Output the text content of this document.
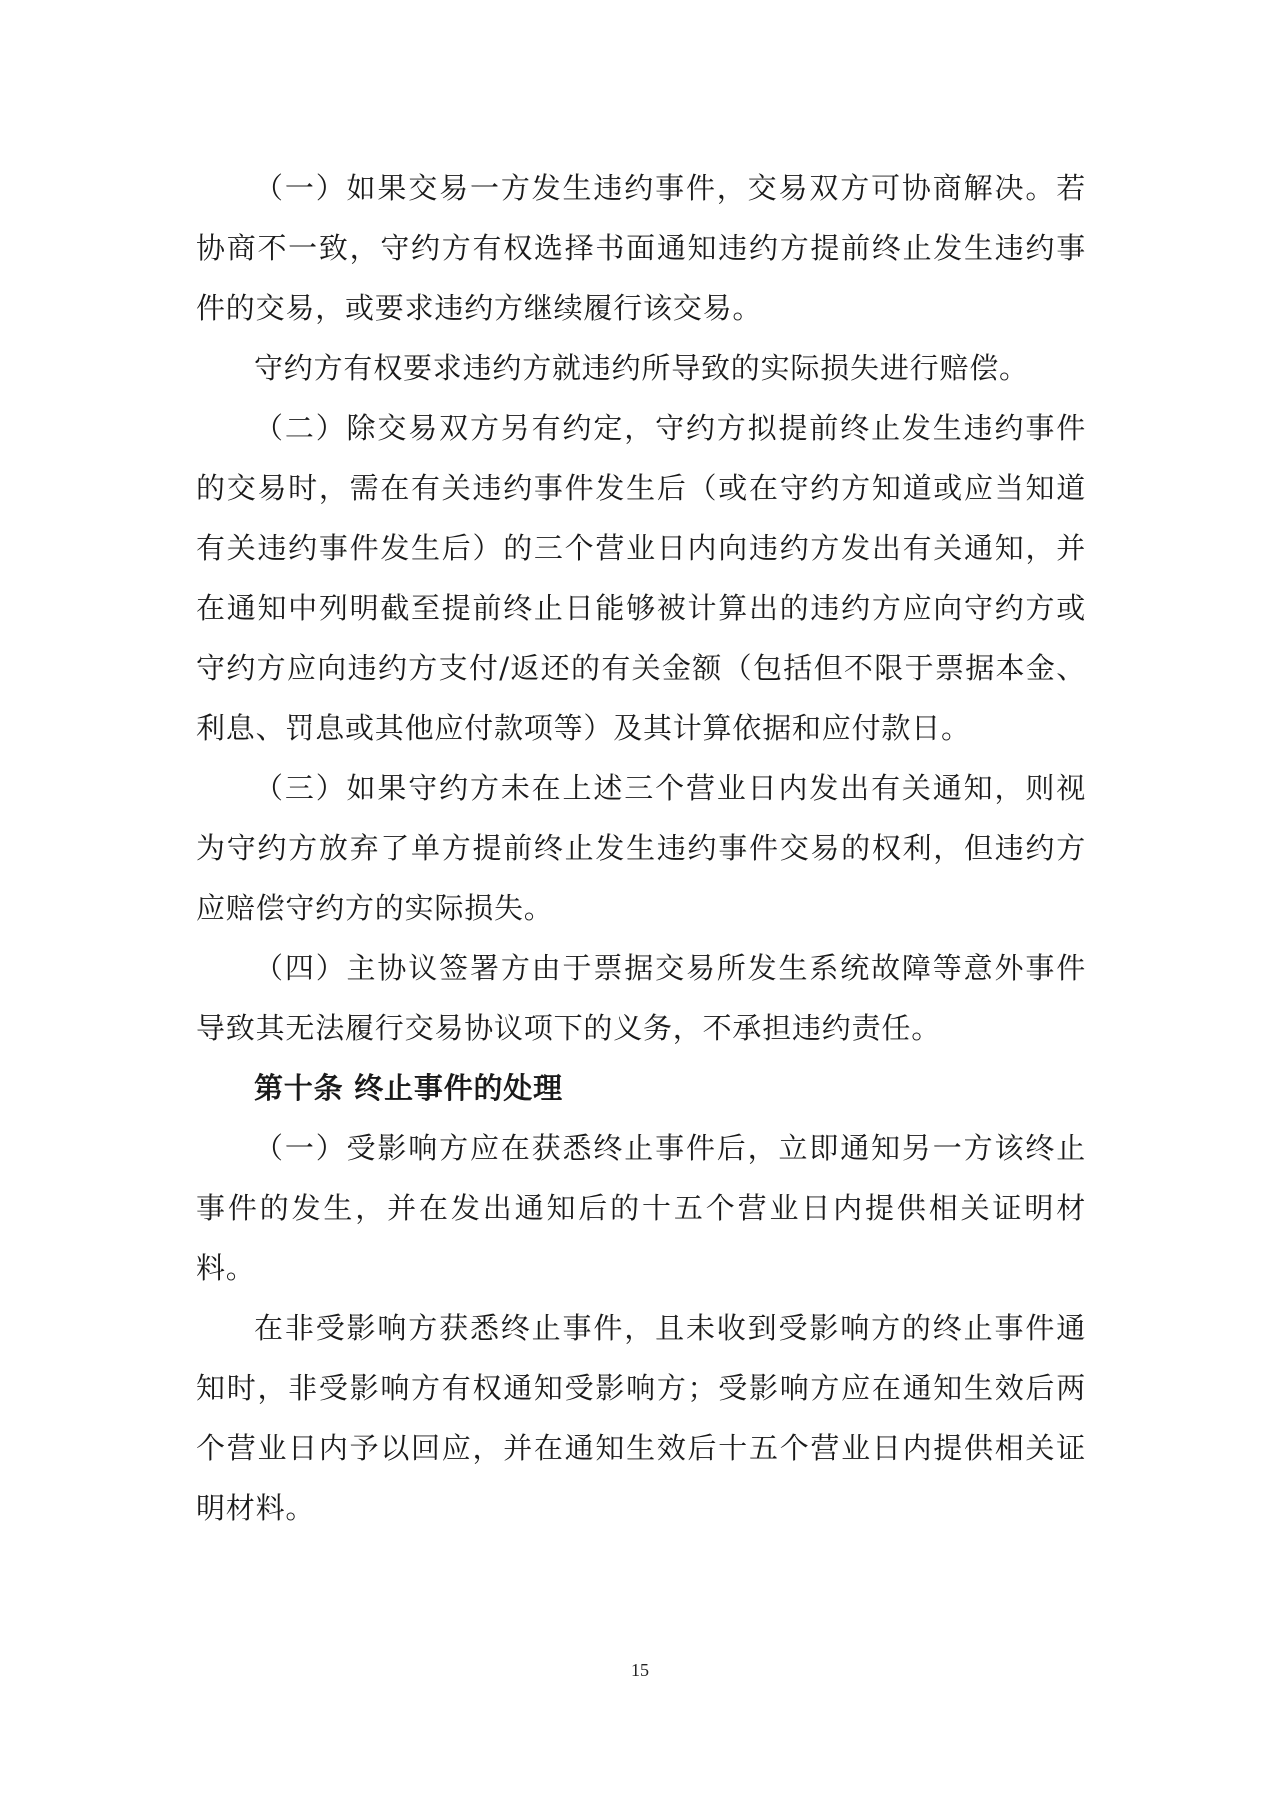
（一）如果交易一方发生违约事件，交易双方可协商解决。若协商不一致，守约方有权选择书面通知违约方提前终止发生违约事件的交易，或要求违约方继续履行该交易。

守约方有权要求违约方就违约所导致的实际损失进行赔偿。

（二）除交易双方另有约定，守约方拟提前终止发生违约事件的交易时，需在有关违约事件发生后（或在守约方知道或应当知道有关违约事件发生后）的三个营业日内向违约方发出有关通知，并在通知中列明截至提前终止日能够被计算出的违约方应向守约方或守约方应向违约方支付/返还的有关金额（包括但不限于票据本金、利息、罚息或其他应付款项等）及其计算依据和应付款日。

（三）如果守约方未在上述三个营业日内发出有关通知，则视为守约方放弃了单方提前终止发生违约事件交易的权利，但违约方应赔偿守约方的实际损失。

（四）主协议签署方由于票据交易所发生系统故障等意外事件导致其无法履行交易协议项下的义务，不承担违约责任。

第十条 终止事件的处理

（一）受影响方应在获悉终止事件后，立即通知另一方该终止事件的发生，并在发出通知后的十五个营业日内提供相关证明材料。

在非受影响方获悉终止事件，且未收到受影响方的终止事件通知时，非受影响方有权通知受影响方；受影响方应在通知生效后两个营业日内予以回应，并在通知生效后十五个营业日内提供相关证明材料。

15
